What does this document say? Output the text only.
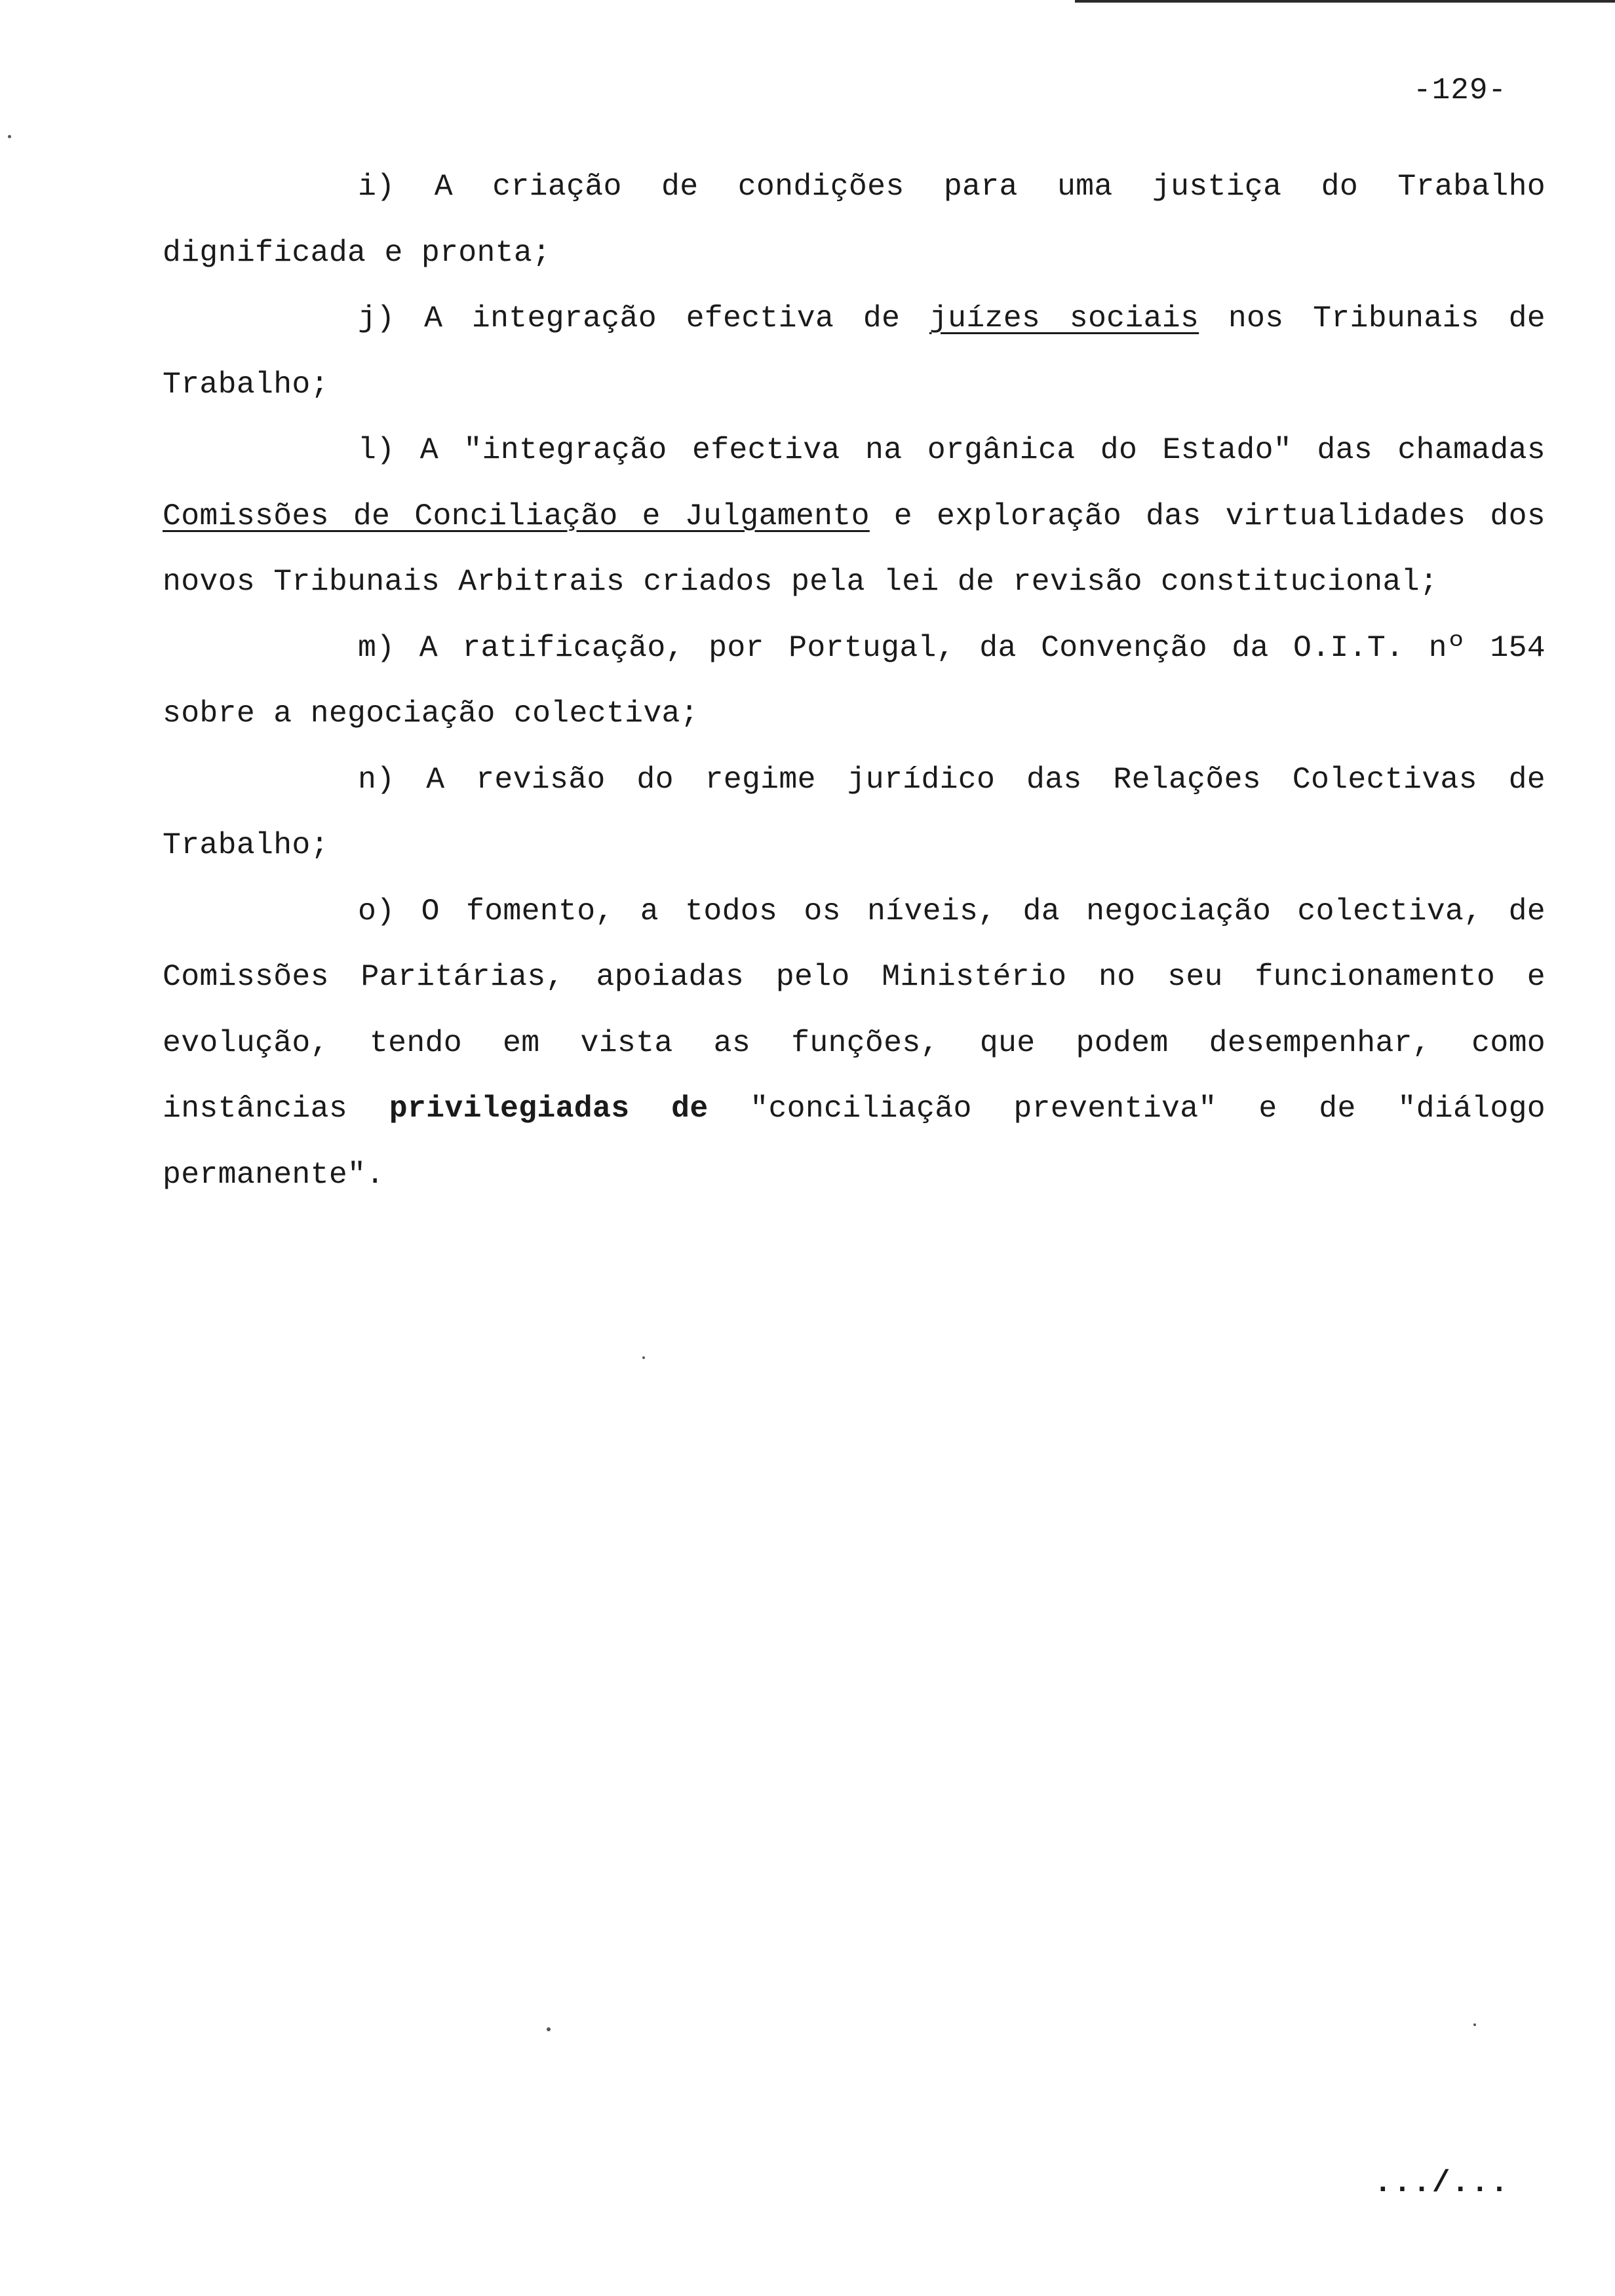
-129-

i) A criação de condições para uma justiça do Trabalho dignificada e pronta;

j) A integração efectiva de juízes sociais nos Tribunais de Trabalho;

l) A "integração efectiva na orgânica do Estado" das chamadas Comissões de Conciliação e Julgamento e exploração das virtualidades dos novos Tribunais Arbitrais criados pela lei de revisão constitucional;

m) A ratificação, por Portugal, da Convenção da O.I.T. nº 154 sobre a negociação colectiva;

n) A revisão do regime jurídico das Relações Colectivas de Trabalho;

o) O fomento, a todos os níveis, da negociação colectiva, de Comissões Paritárias, apoiadas pelo Ministério no seu funcionamento e evolução, tendo em vista as funções, que podem desempenhar, como instâncias privilegiadas de "conciliação preventiva" e de "diálogo permanente".

.../...
